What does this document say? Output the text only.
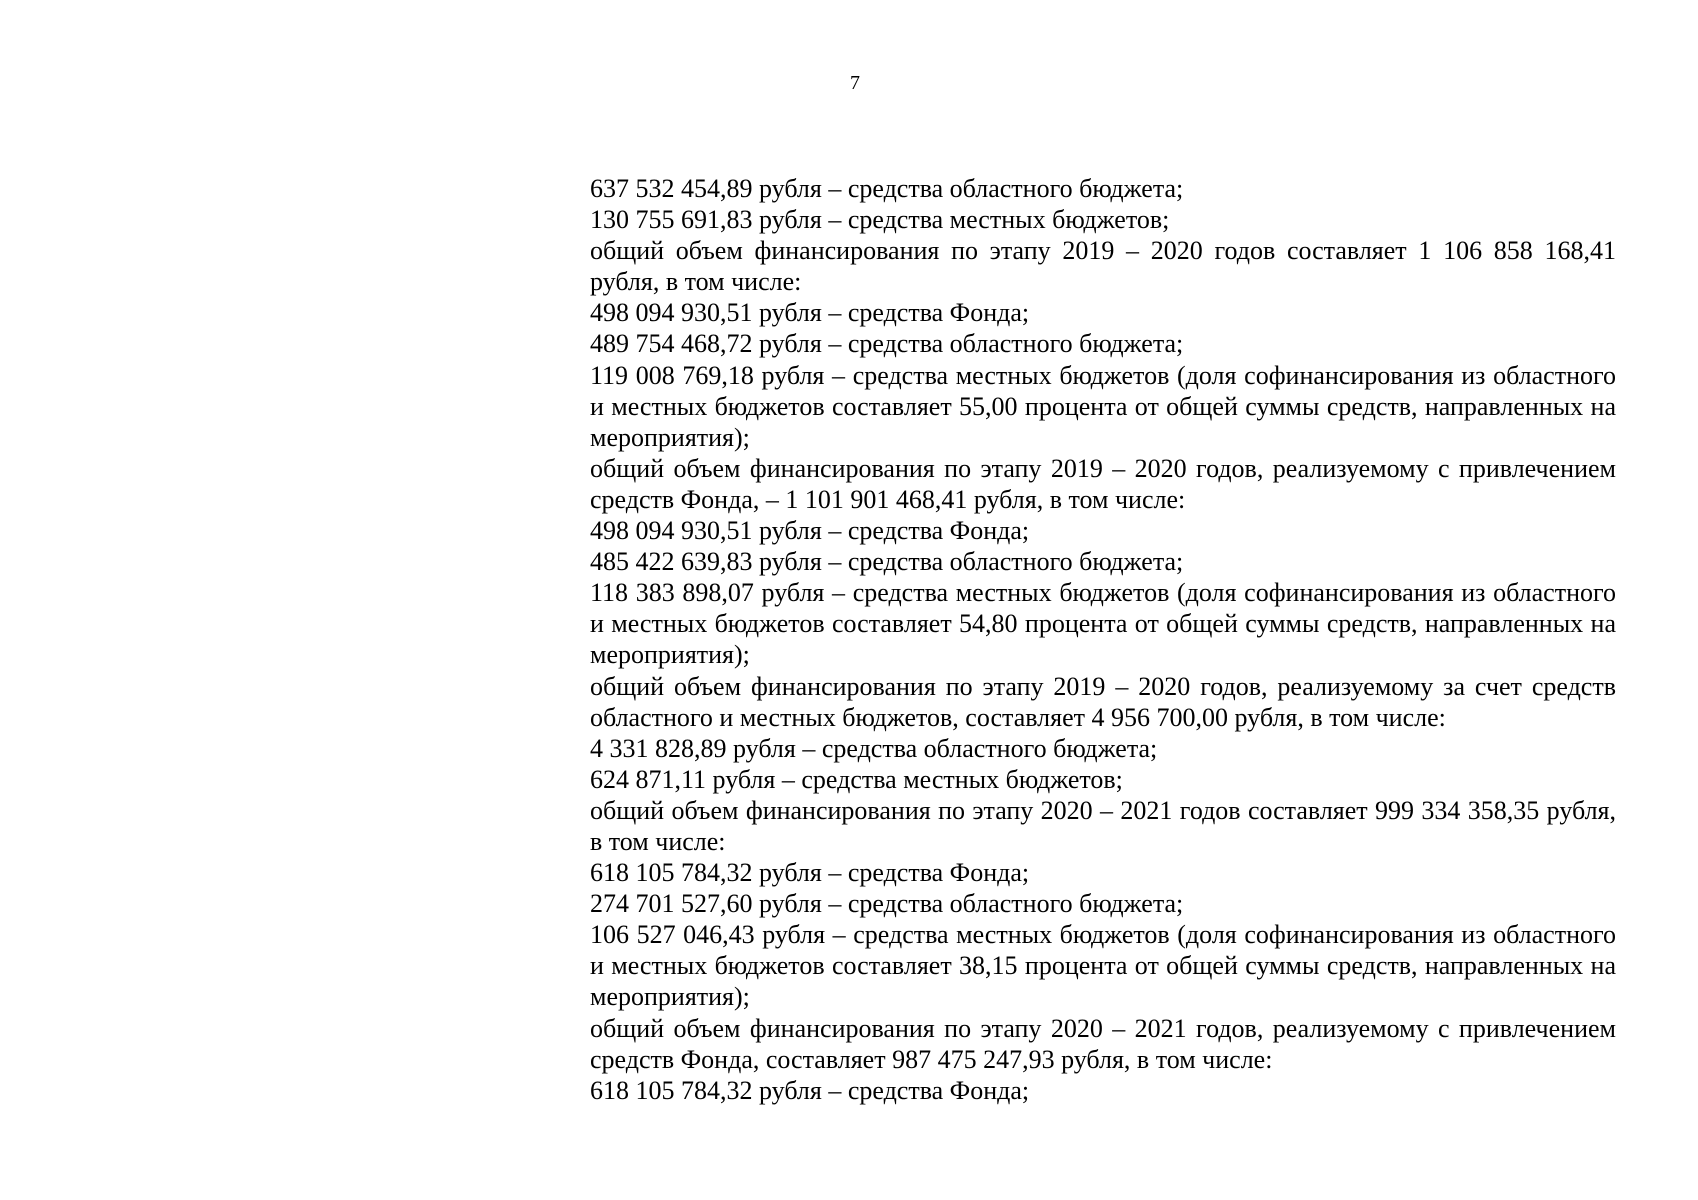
7

637 532 454,89 рубля – средства областного бюджета;

130 755 691,83 рубля – средства местных бюджетов;

общий объем финансирования по этапу 2019 – 2020 годов составляет 1 106 858 168,41 рубля, в том числе:

498 094 930,51 рубля – средства Фонда;

489 754 468,72 рубля – средства областного бюджета;

119 008 769,18 рубля – средства местных бюджетов (доля софинансирования из областного и местных бюджетов составляет 55,00 процента от общей суммы средств, направленных на мероприятия);

общий объем финансирования по этапу 2019 – 2020 годов, реализуемому с привлечением средств Фонда, – 1 101 901 468,41 рубля, в том числе:

498 094 930,51 рубля – средства Фонда;

485 422 639,83 рубля – средства областного бюджета;

118 383 898,07 рубля – средства местных бюджетов (доля софинансирования из областного и местных бюджетов составляет 54,80 процента от общей суммы средств, направленных на мероприятия);

общий объем финансирования по этапу 2019 – 2020 годов, реализуемому за счет средств областного и местных бюджетов, составляет 4 956 700,00 рубля, в том числе:

4 331 828,89 рубля – средства областного бюджета;

624 871,11 рубля – средства местных бюджетов;

общий объем финансирования по этапу 2020 – 2021 годов составляет 999 334 358,35 рубля, в том числе:

618 105 784,32 рубля – средства Фонда;

274 701 527,60 рубля – средства областного бюджета;

106 527 046,43 рубля – средства местных бюджетов (доля софинансирования из областного и местных бюджетов составляет 38,15 процента от общей суммы средств, направленных на мероприятия);

общий объем финансирования по этапу 2020 – 2021 годов, реализуемому с привлечением средств Фонда, составляет 987 475 247,93 рубля, в том числе:

618 105 784,32 рубля – средства Фонда;
